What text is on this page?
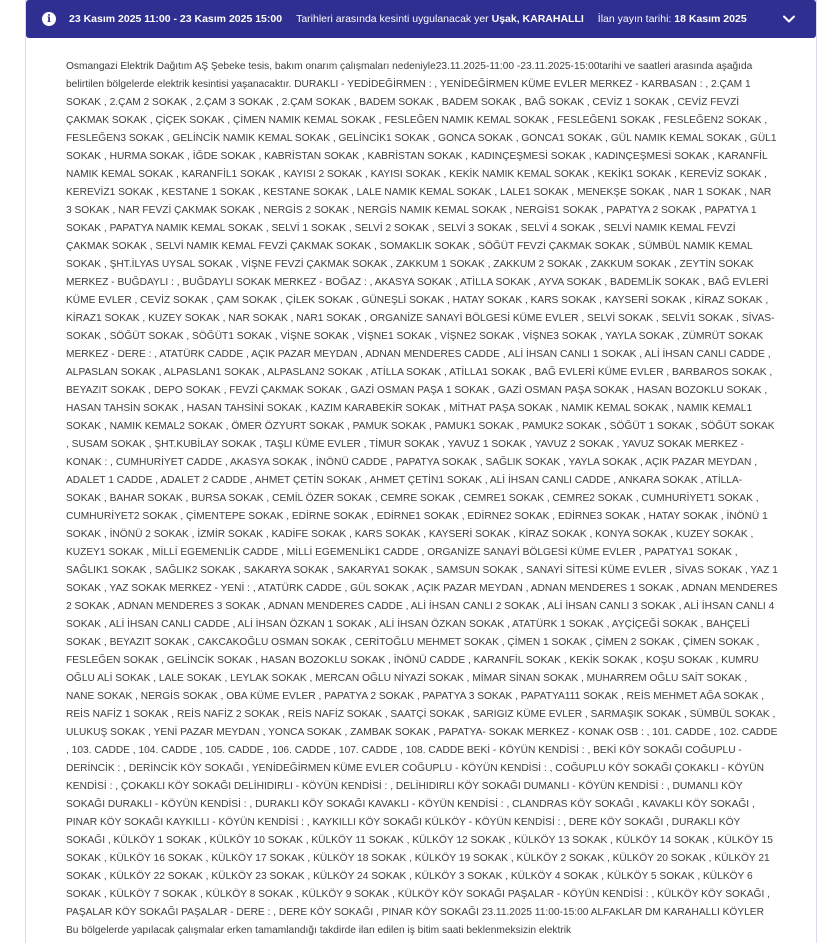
i	23 Kasım 2025 11:00 - 23 Kasım 2025 15:00 Tarihleri arasında kesinti uygulanacak yer Uşak, KARAHALLI İlan yayın tarihi: 18 Kasım 2025

Osmangazi Elektrik Dağıtım AŞ Şebeke tesis, bakım onarım çalışmaları nedeniyle23.11.2025-11:00 -23.11.2025-15:00tarihi ve saatleri arasında aşağıda belirtilen bölgelerde elektrik kesintisi yaşanacaktır. DURAKLI - YEDİDEĞİRMEN : , YENİDEĞİRMEN KÜME EVLER MERKEZ - KARBASAN : , 2.ÇAM 1 SOKAK , 2.ÇAM 2 SOKAK , 2.ÇAM 3 SOKAK , 2.ÇAM SOKAK , BADEM SOKAK , BADEM SOKAK , BAĞ SOKAK , CEVİZ 1 SOKAK , CEVİZ FEVZİ ÇAKMAK SOKAK , ÇİÇEK SOKAK , ÇİMEN NAMIK KEMAL SOKAK , FESLEĞEN NAMIK KEMAL SOKAK , FESLEĞEN1 SOKAK , FESLEĞEN2 SOKAK , FESLEĞEN3 SOKAK , GELİNCİK NAMIK KEMAL SOKAK , GELİNCİK1 SOKAK , GONCA SOKAK , GONCA1 SOKAK , GÜL NAMIK KEMAL SOKAK , GÜL1 SOKAK , HURMA SOKAK , İĞDE SOKAK , KABRİSTAN SOKAK , KABRİSTAN SOKAK , KADINÇEŞMESİ SOKAK , KADINÇEŞMESİ SOKAK , KARANFİL NAMIK KEMAL SOKAK , KARANFİL1 SOKAK , KAYISI 2 SOKAK , KAYISI SOKAK , KEKİK NAMIK KEMAL SOKAK , KEKİK1 SOKAK , KEREVİZ SOKAK , KEREVİZ1 SOKAK , KESTANE 1 SOKAK , KESTANE SOKAK , LALE NAMIK KEMAL SOKAK , LALE1 SOKAK , MENEKŞE SOKAK , NAR 1 SOKAK , NAR 3 SOKAK , NAR FEVZİ ÇAKMAK SOKAK , NERGİS 2 SOKAK , NERGİS NAMIK KEMAL SOKAK , NERGİS1 SOKAK , PAPATYA 2 SOKAK , PAPATYA 1 SOKAK , PAPATYA NAMIK KEMAL SOKAK , SELVİ 1 SOKAK , SELVİ 2 SOKAK , SELVİ 3 SOKAK , SELVİ 4 SOKAK , SELVİ NAMIK KEMAL FEVZİ ÇAKMAK SOKAK , SELVİ NAMIK KEMAL FEVZİ ÇAKMAK SOKAK , SOMAKLIK SOKAK , SÖĞÜT FEVZİ ÇAKMAK SOKAK , SÜMBÜL NAMIK KEMAL SOKAK , ŞHT.İLYAS UYSAL SOKAK , VİŞNE FEVZİ ÇAKMAK SOKAK , ZAKKUM 1 SOKAK , ZAKKUM 2 SOKAK , ZAKKUM SOKAK , ZEYTİN SOKAK MERKEZ - BUĞDAYLI : , BUĞDAYLI SOKAK MERKEZ - BOĞAZ : , AKASYA SOKAK , ATİLLA SOKAK , AYVA SOKAK , BADEMLİK SOKAK , BAĞ EVLERİ KÜME EVLER , CEVİZ SOKAK , ÇAM SOKAK , ÇİLEK SOKAK , GÜNEŞLİ SOKAK , HATAY SOKAK , KARS SOKAK , KAYSERİ SOKAK , KİRAZ SOKAK , KİRAZ1 SOKAK , KUZEY SOKAK , NAR SOKAK , NAR1 SOKAK , ORGANİZE SANAYİ BÖLGESİ KÜME EVLER , SELVİ SOKAK , SELVİ1 SOKAK , SİVAS- SOKAK , SÖĞÜT SOKAK , SÖĞÜT1 SOKAK , VİŞNE SOKAK , VİŞNE1 SOKAK , VİŞNE2 SOKAK , VİŞNE3 SOKAK , YAYLA SOKAK , ZÜMRÜT SOKAK MERKEZ - DERE : , ATATÜRK CADDE , AÇIK PAZAR MEYDAN , ADNAN MENDERES CADDE , ALİ İHSAN CANLI 1 SOKAK , ALİ İHSAN CANLI CADDE , ALPASLAN SOKAK , ALPASLAN1 SOKAK , ALPASLAN2 SOKAK , ATİLLA SOKAK , ATİLLA1 SOKAK , BAĞ EVLERİ KÜME EVLER , BARBAROS SOKAK , BEYAZIT SOKAK , DEPO SOKAK , FEVZİ ÇAKMAK SOKAK , GAZİ OSMAN PAŞA 1 SOKAK , GAZİ OSMAN PAŞA SOKAK , HASAN BOZOKLU SOKAK , HASAN TAHSİN SOKAK , HASAN TAHSİNİ SOKAK , KAZIM KARABEKİR SOKAK , MİTHAT PAŞA SOKAK , NAMIK KEMAL SOKAK , NAMIK KEMAL1 SOKAK , NAMIK KEMAL2 SOKAK , ÖMER ÖZYURT SOKAK , PAMUK SOKAK , PAMUK1 SOKAK , PAMUK2 SOKAK , SÖĞÜT 1 SOKAK , SÖĞÜT SOKAK , SUSAM SOKAK , ŞHT.KUBİLAY SOKAK , TAŞLI KÜME EVLER , TİMUR SOKAK , YAVUZ 1 SOKAK , YAVUZ 2 SOKAK , YAVUZ SOKAK MERKEZ - KONAK : , CUMHURİYET CADDE , AKASYA SOKAK , İNÖNÜ CADDE , PAPATYA SOKAK , SAĞLIK SOKAK , YAYLA SOKAK , AÇIK PAZAR MEYDAN , ADALET 1 CADDE , ADALET 2 CADDE , AHMET ÇETİN SOKAK , AHMET ÇETİN1 SOKAK , ALİ İHSAN CANLI CADDE , ANKARA SOKAK , ATİLLA- SOKAK , BAHAR SOKAK , BURSA SOKAK , CEMİL ÖZER SOKAK , CEMRE SOKAK , CEMRE1 SOKAK , CEMRE2 SOKAK , CUMHURİYET1 SOKAK , CUMHURİYET2 SOKAK , ÇİMENTEPE SOKAK , EDİRNE SOKAK , EDİRNE1 SOKAK , EDİRNE2 SOKAK , EDİRNE3 SOKAK , HATAY SOKAK , İNÖNÜ 1 SOKAK , İNÖNÜ 2 SOKAK , İZMİR SOKAK , KADİFE SOKAK , KARS SOKAK , KAYSERİ SOKAK , KİRAZ SOKAK , KONYA SOKAK , KUZEY SOKAK , KUZEY1 SOKAK , MİLLİ EGEMENLİK CADDE , MİLLİ EGEMENLİK1 CADDE , ORGANİZE SANAYİ BÖLGESİ KÜME EVLER , PAPATYA1 SOKAK , SAĞLIK1 SOKAK , SAĞLIK2 SOKAK , SAKARYA SOKAK , SAKARYA1 SOKAK , SAMSUN SOKAK , SANAYİ SİTESİ KÜME EVLER , SİVAS SOKAK , YAZ 1 SOKAK , YAZ SOKAK MERKEZ - YENİ : , ATATÜRK CADDE , GÜL SOKAK , AÇIK PAZAR MEYDAN , ADNAN MENDERES 1 SOKAK , ADNAN MENDERES 2 SOKAK , ADNAN MENDERES 3 SOKAK , ADNAN MENDERES CADDE , ALİ İHSAN CANLI 2 SOKAK , ALİ İHSAN CANLI 3 SOKAK , ALİ İHSAN CANLI 4 SOKAK , ALİ İHSAN CANLI CADDE , ALİ İHSAN ÖZKAN 1 SOKAK , ALİ İHSAN ÖZKAN SOKAK , ATATÜRK 1 SOKAK , AYÇİÇEĞİ SOKAK , BAHÇELİ SOKAK , BEYAZIT SOKAK , CAKCAKOĞLU OSMAN SOKAK , CERİTOĞLU MEHMET SOKAK , ÇİMEN 1 SOKAK , ÇİMEN 2 SOKAK , ÇİMEN SOKAK , FESLEĞEN SOKAK , GELİNCİK SOKAK , HASAN BOZOKLU SOKAK , İNÖNÜ CADDE , KARANFİL SOKAK , KEKİK SOKAK , KOŞU SOKAK , KUMRU OĞLU ALİ SOKAK , LALE SOKAK , LEYLAK SOKAK , MERCAN OĞLU NİYAZİ SOKAK , MİMAR SİNAN SOKAK , MUHARREM OĞLU SAİT SOKAK , NANE SOKAK , NERGİS SOKAK , OBA KÜME EVLER , PAPATYA 2 SOKAK , PAPATYA 3 SOKAK , PAPATYA111 SOKAK , REİS MEHMET AĞA SOKAK , REİS NAFİZ 1 SOKAK , REİS NAFİZ 2 SOKAK , REİS NAFİZ SOKAK , SAATÇİ SOKAK , SARIGIZ KÜME EVLER , SARMAŞIK SOKAK , SÜMBÜL SOKAK , ULUKUŞ SOKAK , YENİ PAZAR MEYDAN , YONCA SOKAK , ZAMBAK SOKAK , PAPATYA- SOKAK MERKEZ - KONAK OSB : , 101. CADDE , 102. CADDE , 103. CADDE , 104. CADDE , 105. CADDE , 106. CADDE , 107. CADDE , 108. CADDE BEKİ - KÖYÜN KENDİSİ : , BEKİ KÖY SOKAĞI COĞUPLU - DERİNCİK : , DERİNCİK KÖY SOKAĞI , YENİDEĞİRMEN KÜME EVLER COĞUPLU - KÖYÜN KENDİSİ : , COĞUPLU KÖY SOKAĞI ÇOKAKLI - KÖYÜN KENDİSİ : , ÇOKAKLI KÖY SOKAĞI DELİHIDIRLI - KÖYÜN KENDİSİ : , DELİHIDIRLI KÖY SOKAĞI DUMANLI - KÖYÜN KENDİSİ : , DUMANLI KÖY SOKAĞI DURAKLI - KÖYÜN KENDİSİ : , DURAKLI KÖY SOKAĞI KAVAKLI - KÖYÜN KENDİSİ : , CLANDRAS KÖY SOKAĞI , KAVAKLI KÖY SOKAĞI , PINAR KÖY SOKAĞI KAYKILLI - KÖYÜN KENDİSİ : , KAYKILLI KÖY SOKAĞI KÜLKÖY - KÖYÜN KENDİSİ : , DERE KÖY SOKAĞI , DURAKLI KÖY SOKAĞI , KÜLKÖY 1 SOKAK , KÜLKÖY 10 SOKAK , KÜLKÖY 11 SOKAK , KÜLKÖY 12 SOKAK , KÜLKÖY 13 SOKAK , KÜLKÖY 14 SOKAK , KÜLKÖY 15 SOKAK , KÜLKÖY 16 SOKAK , KÜLKÖY 17 SOKAK , KÜLKÖY 18 SOKAK , KÜLKÖY 19 SOKAK , KÜLKÖY 2 SOKAK , KÜLKÖY 20 SOKAK , KÜLKÖY 21 SOKAK , KÜLKÖY 22 SOKAK , KÜLKÖY 23 SOKAK , KÜLKÖY 24 SOKAK , KÜLKÖY 3 SOKAK , KÜLKÖY 4 SOKAK , KÜLKÖY 5 SOKAK , KÜLKÖY 6 SOKAK , KÜLKÖY 7 SOKAK , KÜLKÖY 8 SOKAK , KÜLKÖY 9 SOKAK , KÜLKÖY KÖY SOKAĞI PAŞALAR - KÖYÜN KENDİSİ : , KÜLKÖY KÖY SOKAĞI , PAŞALAR KÖY SOKAĞI PAŞALAR - DERE : , DERE KÖY SOKAĞI , PINAR KÖY SOKAĞI 23.11.2025 11:00-15:00 ALFAKLAR DM KARAHALLI KÖYLER Bu bölgelerde yapılacak çalışmalar erken tamamlandığı takdirde ilan edilen iş bitim saati beklenmeksizin elektrik
